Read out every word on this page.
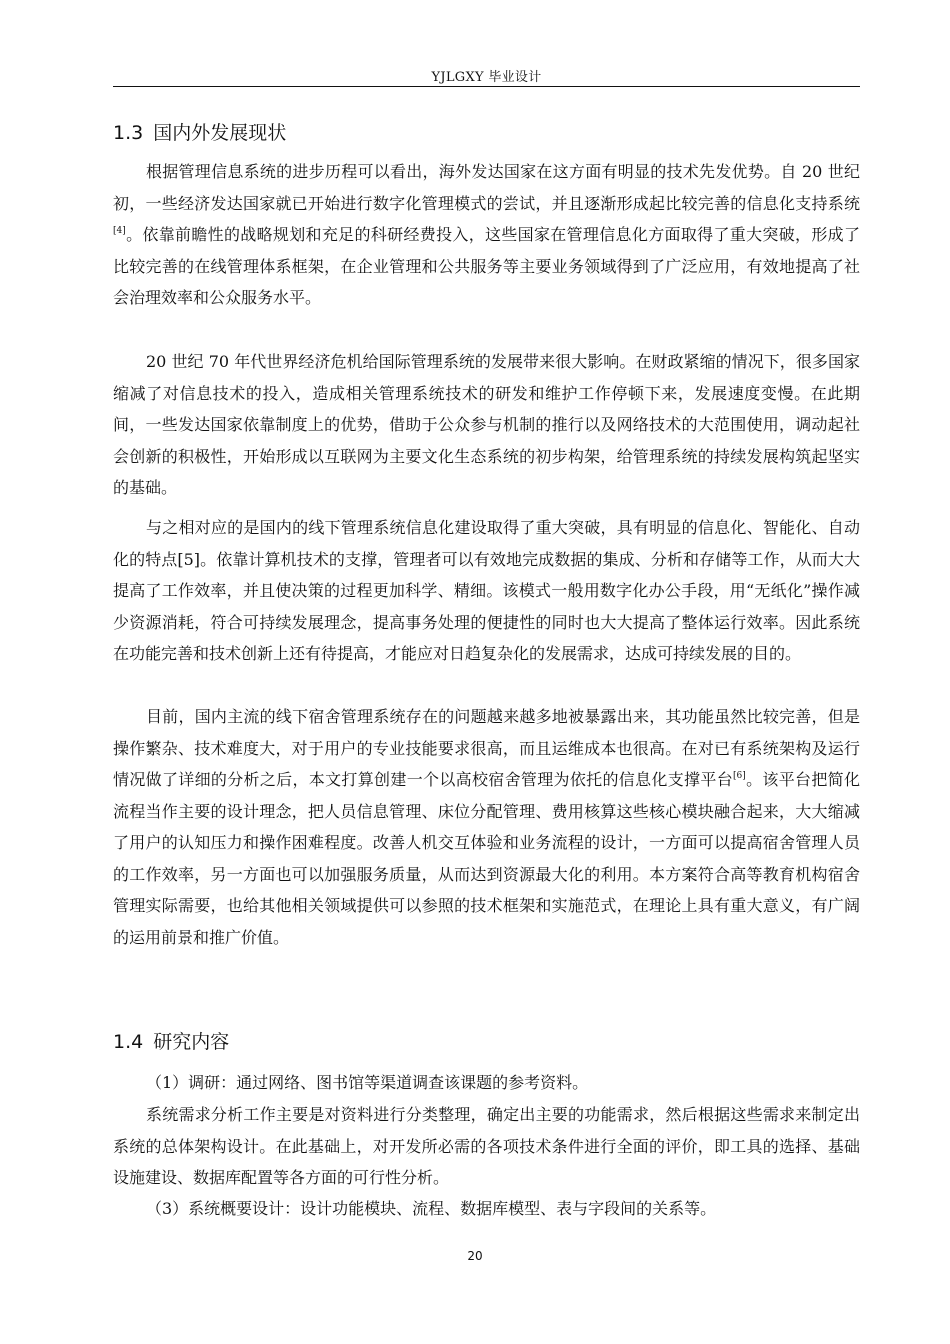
YJLGXY 毕业设计
1.3 国内外发展现状

根据管理信息系统的进步历程可以看出，海外发达国家在这方面有明显的技术先发优势。自 20 世纪初，一些经济发达国家就已开始进行数字化管理模式的尝试，并且逐渐形成起比较完善的信息化支持系统[4]。依靠前瞻性的战略规划和充足的科研经费投入，这些国家在管理信息化方面取得了重大突破，形成了比较完善的在线管理体系框架，在企业管理和公共服务等主要业务领域得到了广泛应用，有效地提高了社会治理效率和公众服务水平。

20 世纪 70 年代世界经济危机给国际管理系统的发展带来很大影响。在财政紧缩的情况下，很多国家缩减了对信息技术的投入，造成相关管理系统技术的研发和维护工作停顿下来，发展速度变慢。在此期间，一些发达国家依靠制度上的优势，借助于公众参与机制的推行以及网络技术的大范围使用，调动起社会创新的积极性，开始形成以互联网为主要文化生态系统的初步构架，给管理系统的持续发展构筑起坚实的基础。

与之相对应的是国内的线下管理系统信息化建设取得了重大突破，具有明显的信息化、智能化、自动化的特点[5]。依靠计算机技术的支撑，管理者可以有效地完成数据的集成、分析和存储等工作，从而大大提高了工作效率，并且使决策的过程更加科学、精细。该模式一般用数字化办公手段，用“无纸化”操作减少资源消耗，符合可持续发展理念，提高事务处理的便捷性的同时也大大提高了整体运行效率。因此系统在功能完善和技术创新上还有待提高，才能应对日趋复杂化的发展需求，达成可持续发展的目的。

目前，国内主流的线下宿舍管理系统存在的问题越来越多地被暴露出来，其功能虽然比较完善，但是操作繁杂、技术难度大，对于用户的专业技能要求很高，而且运维成本也很高。在对已有系统架构及运行情况做了详细的分析之后，本文打算创建一个以高校宿舍管理为依托的信息化支撑平台[6]。该平台把简化流程当作主要的设计理念，把人员信息管理、床位分配管理、费用核算这些核心模块融合起来，大大缩减了用户的认知压力和操作困难程度。改善人机交互体验和业务流程的设计，一方面可以提高宿舍管理人员的工作效率，另一方面也可以加强服务质量，从而达到资源最大化的利用。本方案符合高等教育机构宿舍管理实际需要，也给其他相关领域提供可以参照的技术框架和实施范式，在理论上具有重大意义，有广阔的运用前景和推广价值。

1.4 研究内容

（1）调研：通过网络、图书馆等渠道调查该课题的参考资料。

系统需求分析工作主要是对资料进行分类整理，确定出主要的功能需求，然后根据这些需求来制定出系统的总体架构设计。在此基础上，对开发所必需的各项技术条件进行全面的评价，即工具的选择、基础设施建设、数据库配置等各方面的可行性分析。

（3）系统概要设计：设计功能模块、流程、数据库模型、表与字段间的关系等。

20
